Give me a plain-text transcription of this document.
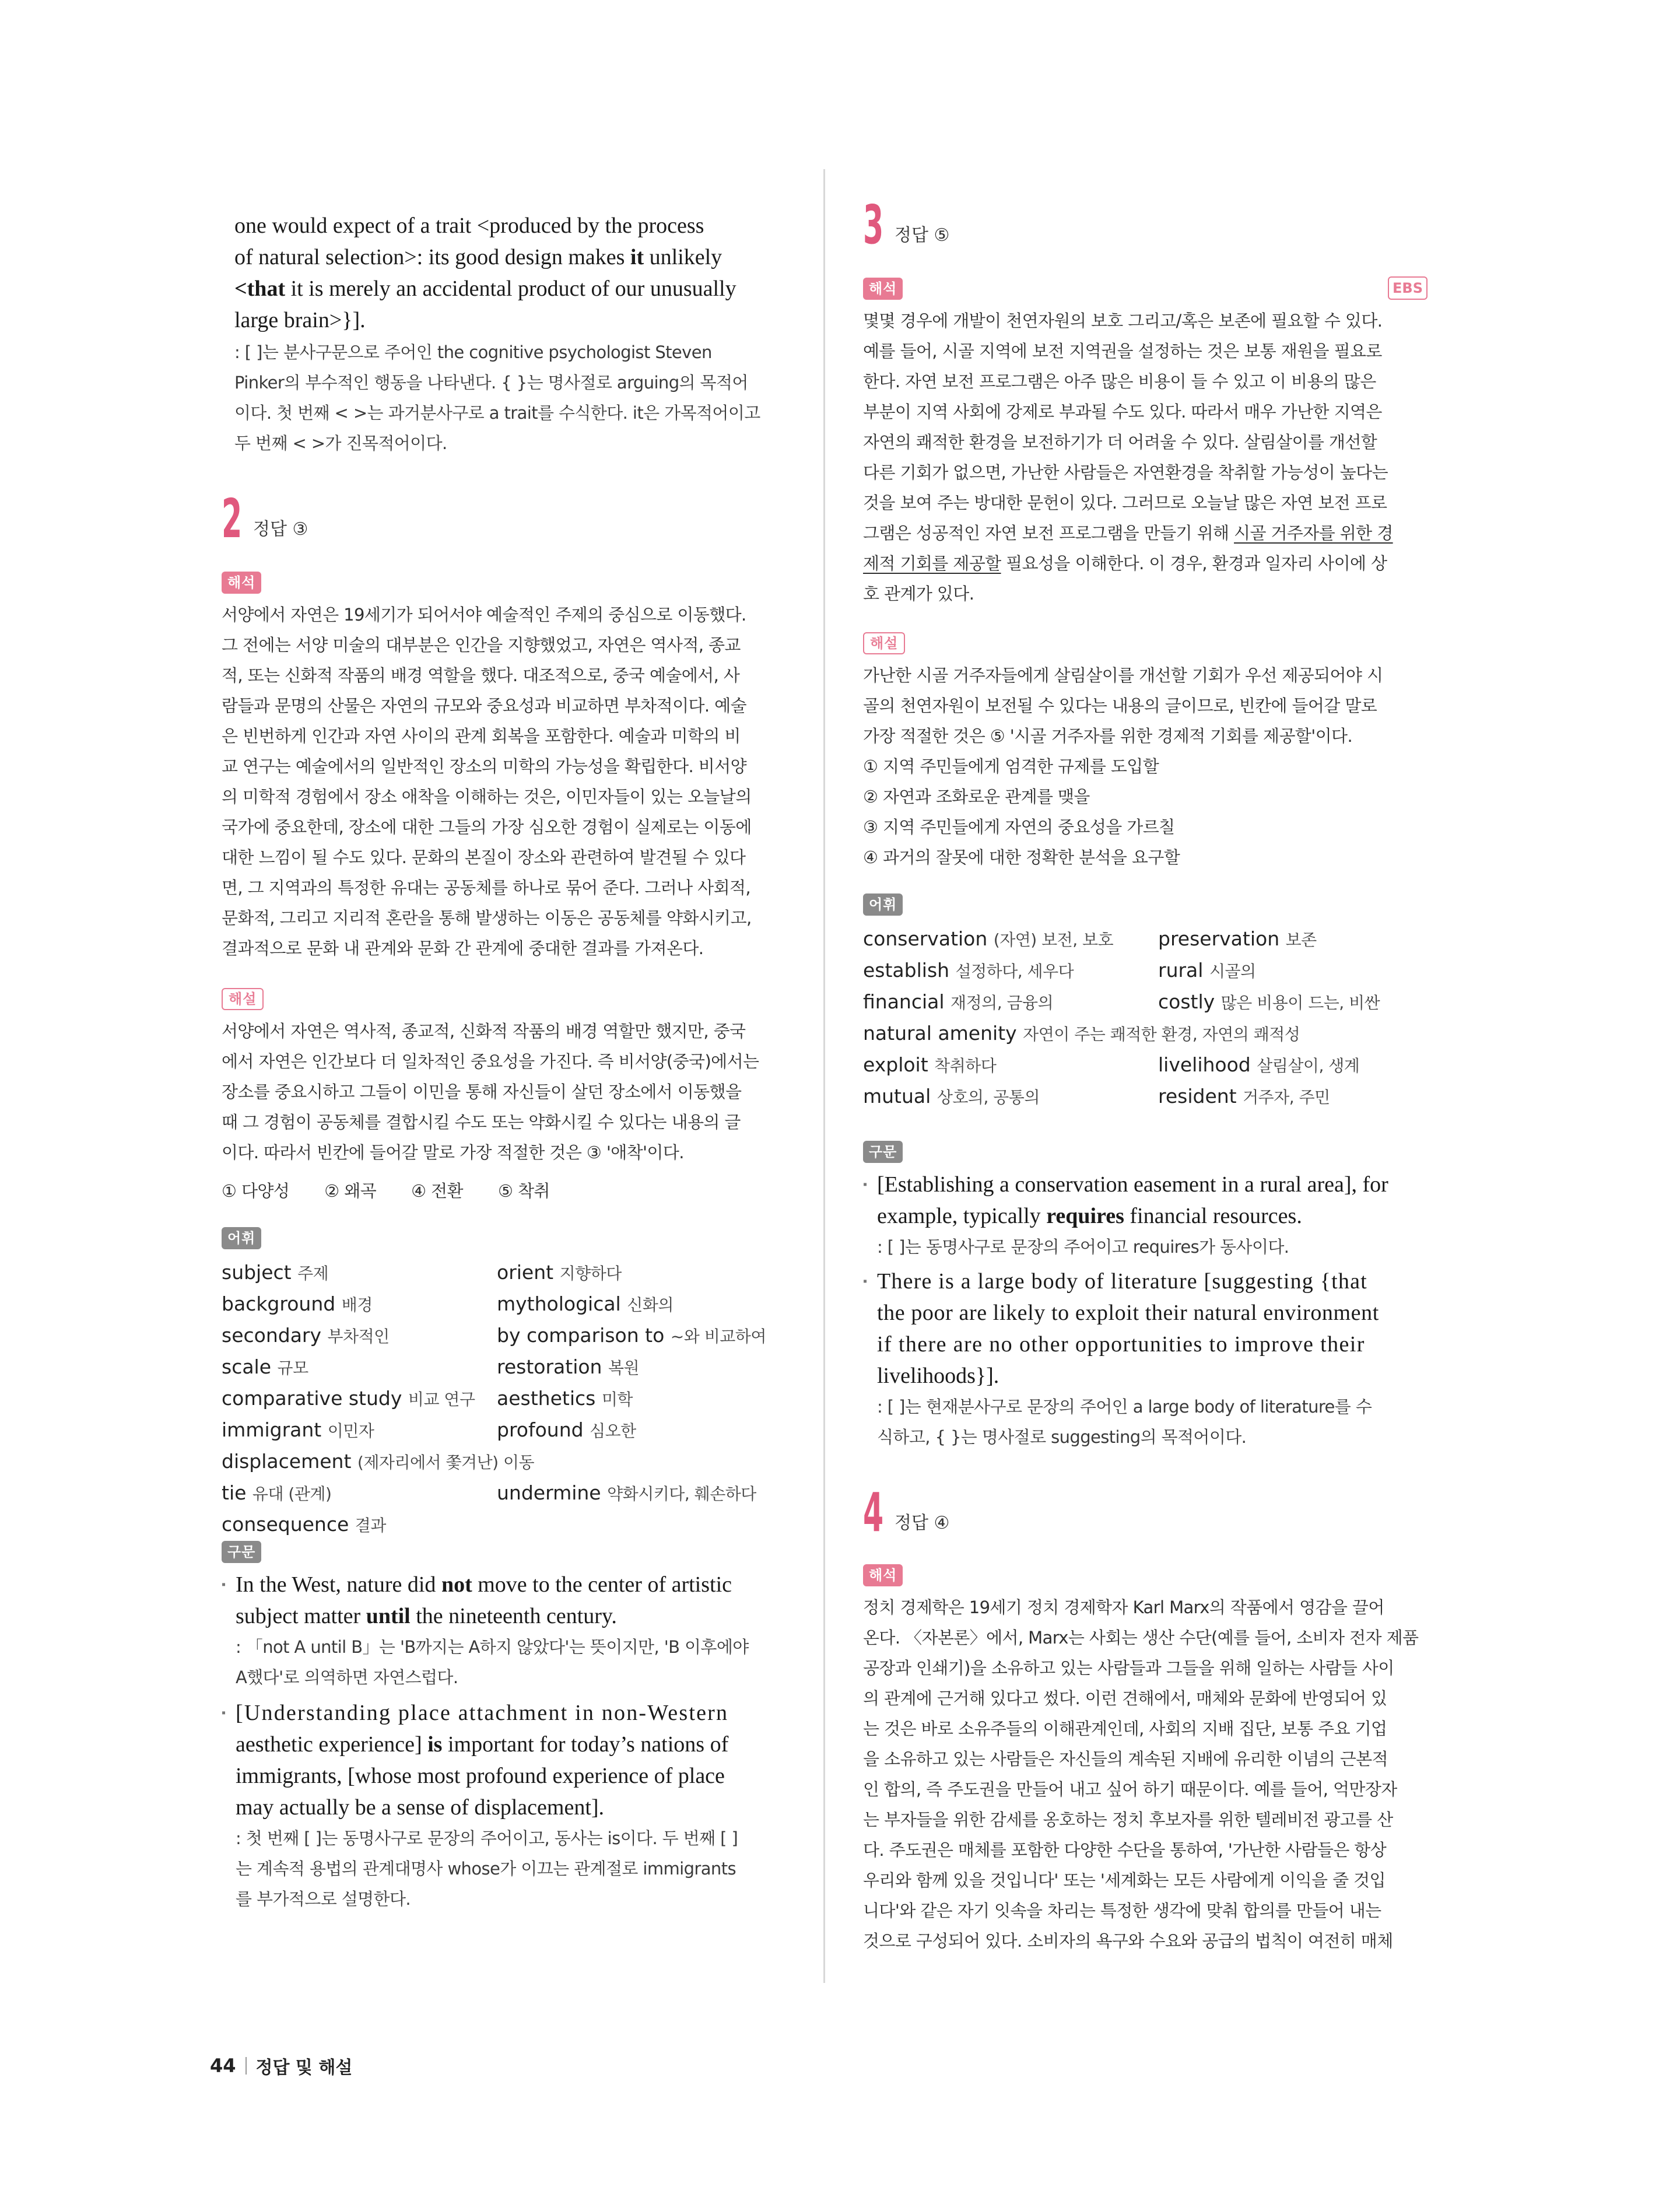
one would expect of a trait <produced by the process
of natural selection>: its good design makes it unlikely
<that it is merely an accidental product of our unusually
large brain>}].
: [ ]는 분사구문으로 주어인 the cognitive psychologist Steven
Pinker의 부수적인 행동을 나타낸다. { }는 명사절로 arguing의 목적어
이다. 첫 번째 < >는 과거분사구로 a trait를 수식한다. it은 가목적어이고
두 번째 < >가 진목적어이다.
2 정답 ③
해석
서양에서 자연은 19세기가 되어서야 예술적인 주제의 중심으로 이동했다.
그 전에는 서양 미술의 대부분은 인간을 지향했었고, 자연은 역사적, 종교
적, 또는 신화적 작품의 배경 역할을 했다. 대조적으로, 중국 예술에서, 사
람들과 문명의 산물은 자연의 규모와 중요성과 비교하면 부차적이다. 예술
은 빈번하게 인간과 자연 사이의 관계 회복을 포함한다. 예술과 미학의 비
교 연구는 예술에서의 일반적인 장소의 미학의 가능성을 확립한다. 비서양
의 미학적 경험에서 장소 애착을 이해하는 것은, 이민자들이 있는 오늘날의
국가에 중요한데, 장소에 대한 그들의 가장 심오한 경험이 실제로는 이동에
대한 느낌이 될 수도 있다. 문화의 본질이 장소와 관련하여 발견될 수 있다
면, 그 지역과의 특정한 유대는 공동체를 하나로 묶어 준다. 그러나 사회적,
문화적, 그리고 지리적 혼란을 통해 발생하는 이동은 공동체를 약화시키고,
결과적으로 문화 내 관계와 문화 간 관계에 중대한 결과를 가져온다.
해설
서양에서 자연은 역사적, 종교적, 신화적 작품의 배경 역할만 했지만, 중국
에서 자연은 인간보다 더 일차적인 중요성을 가진다. 즉 비서양(중국)에서는
장소를 중요시하고 그들이 이민을 통해 자신들이 살던 장소에서 이동했을
때 그 경험이 공동체를 결합시킬 수도 또는 약화시킬 수 있다는 내용의 글
이다. 따라서 빈칸에 들어갈 말로 가장 적절한 것은 ③ '애착'이다.
① 다양성 ② 왜곡 ④ 전환 ⑤ 착취
어휘
subject 주제	orient 지향하다
background 배경	mythological 신화의
secondary 부차적인	by comparison to ~와 비교하여
scale 규모	restoration 복원
comparative study 비교 연구	aesthetics 미학
immigrant 이민자	profound 심오한
displacement (제자리에서 쫓겨난) 이동
tie 유대 (관계)	undermine 약화시키다, 훼손하다
consequence 결과
구문
▪ In the West, nature did not move to the center of artistic
subject matter until the nineteenth century.
: 「not A until B」는 'B까지는 A하지 않았다'는 뜻이지만, 'B 이후에야
A했다'로 의역하면 자연스럽다.
▪ [Understanding place attachment in non-Western
aesthetic experience] is important for today’s nations of
immigrants, [whose most profound experience of place
may actually be a sense of displacement].
: 첫 번째 [ ]는 동명사구로 문장의 주어이고, 동사는 is이다. 두 번째 [ ]
는 계속적 용법의 관계대명사 whose가 이끄는 관계절로 immigrants
를 부가적으로 설명한다.
3 정답 ⑤
해석	EBS
몇몇 경우에 개발이 천연자원의 보호 그리고/혹은 보존에 필요할 수 있다.
예를 들어, 시골 지역에 보전 지역권을 설정하는 것은 보통 재원을 필요로
한다. 자연 보전 프로그램은 아주 많은 비용이 들 수 있고 이 비용의 많은
부분이 지역 사회에 강제로 부과될 수도 있다. 따라서 매우 가난한 지역은
자연의 쾌적한 환경을 보전하기가 더 어려울 수 있다. 살림살이를 개선할
다른 기회가 없으면, 가난한 사람들은 자연환경을 착취할 가능성이 높다는
것을 보여 주는 방대한 문헌이 있다. 그러므로 오늘날 많은 자연 보전 프로
그램은 성공적인 자연 보전 프로그램을 만들기 위해 시골 거주자를 위한 경
제적 기회를 제공할 필요성을 이해한다. 이 경우, 환경과 일자리 사이에 상
호 관계가 있다.
해설
가난한 시골 거주자들에게 살림살이를 개선할 기회가 우선 제공되어야 시
골의 천연자원이 보전될 수 있다는 내용의 글이므로, 빈칸에 들어갈 말로
가장 적절한 것은 ⑤ '시골 거주자를 위한 경제적 기회를 제공할'이다.
① 지역 주민들에게 엄격한 규제를 도입할
② 자연과 조화로운 관계를 맺을
③ 지역 주민들에게 자연의 중요성을 가르칠
④ 과거의 잘못에 대한 정확한 분석을 요구할
어휘
conservation (자연) 보전, 보호	preservation 보존
establish 설정하다, 세우다	rural 시골의
financial 재정의, 금융의	costly 많은 비용이 드는, 비싼
natural amenity 자연이 주는 쾌적한 환경, 자연의 쾌적성
exploit 착취하다	livelihood 살림살이, 생계
mutual 상호의, 공통의	resident 거주자, 주민
구문
▪ [Establishing a conservation easement in a rural area], for
example, typically requires financial resources.
: [ ]는 동명사구로 문장의 주어이고 requires가 동사이다.
▪ There is a large body of literature [suggesting {that
the poor are likely to exploit their natural environment
if there are no other opportunities to improve their
livelihoods}].
: [ ]는 현재분사구로 문장의 주어인 a large body of literature를 수
식하고, { }는 명사절로 suggesting의 목적어이다.
4 정답 ④
해석
정치 경제학은 19세기 정치 경제학자 Karl Marx의 작품에서 영감을 끌어
온다. 〈자본론〉에서, Marx는 사회는 생산 수단(예를 들어, 소비자 전자 제품
공장과 인쇄기)을 소유하고 있는 사람들과 그들을 위해 일하는 사람들 사이
의 관계에 근거해 있다고 썼다. 이런 견해에서, 매체와 문화에 반영되어 있
는 것은 바로 소유주들의 이해관계인데, 사회의 지배 집단, 보통 주요 기업
을 소유하고 있는 사람들은 자신들의 계속된 지배에 유리한 이념의 근본적
인 합의, 즉 주도권을 만들어 내고 싶어 하기 때문이다. 예를 들어, 억만장자
는 부자들을 위한 감세를 옹호하는 정치 후보자를 위한 텔레비전 광고를 산
다. 주도권은 매체를 포함한 다양한 수단을 통하여, '가난한 사람들은 항상
우리와 함께 있을 것입니다' 또는 '세계화는 모든 사람에게 이익을 줄 것입
니다'와 같은 자기 잇속을 차리는 특정한 생각에 맞춰 합의를 만들어 내는
것으로 구성되어 있다. 소비자의 욕구와 수요와 공급의 법칙이 여전히 매체
44 정답 및 해설
